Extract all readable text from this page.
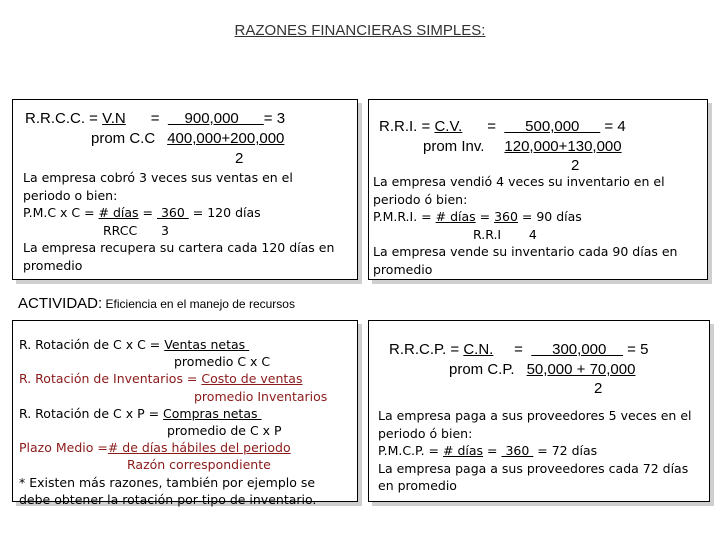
RAZONES FINANCIERAS SIMPLES:
R.R.C.C. = V.N      =      900,000      = 3
prom C.C 400,000+200,000
2
La empresa cobró 3 veces sus ventas en el
periodo o bien:
P.M.C x C = # días =  360  = 120 días
RRCC      3
La empresa recupera su cartera cada 120 días en
promedio
R.R.I. = C.V.      =       500,000      = 4
prom Inv. 120,000+130,000
2
La empresa vendió 4 veces su inventario en el
periodo ó bien:
P.M.R.I. = # días = 360 = 90 días
R.R.I       4
La empresa vende su inventario cada 90 días en
promedio
ACTIVIDAD: Eficiencia en el manejo de recursos
R. Rotación de C x C = Ventas netas
promedio C x C
R. Rotación de Inventarios = Costo de ventas
promedio Inventarios
R. Rotación de C x P = Compras netas
promedio de C x P
Plazo Medio =# de días hábiles del periodo
Razón correspondiente
* Existen más razones, también por ejemplo se
debe obtener la rotación por tipo de inventario.
R.R.C.P. = C.N.     =       300,000     = 5
prom C.P. 50,000 + 70,000
2
La empresa paga a sus proveedores 5 veces en el
periodo ó bien:
P.M.C.P. = # días =  360  = 72 días
La empresa paga a sus proveedores cada 72 días
en promedio
